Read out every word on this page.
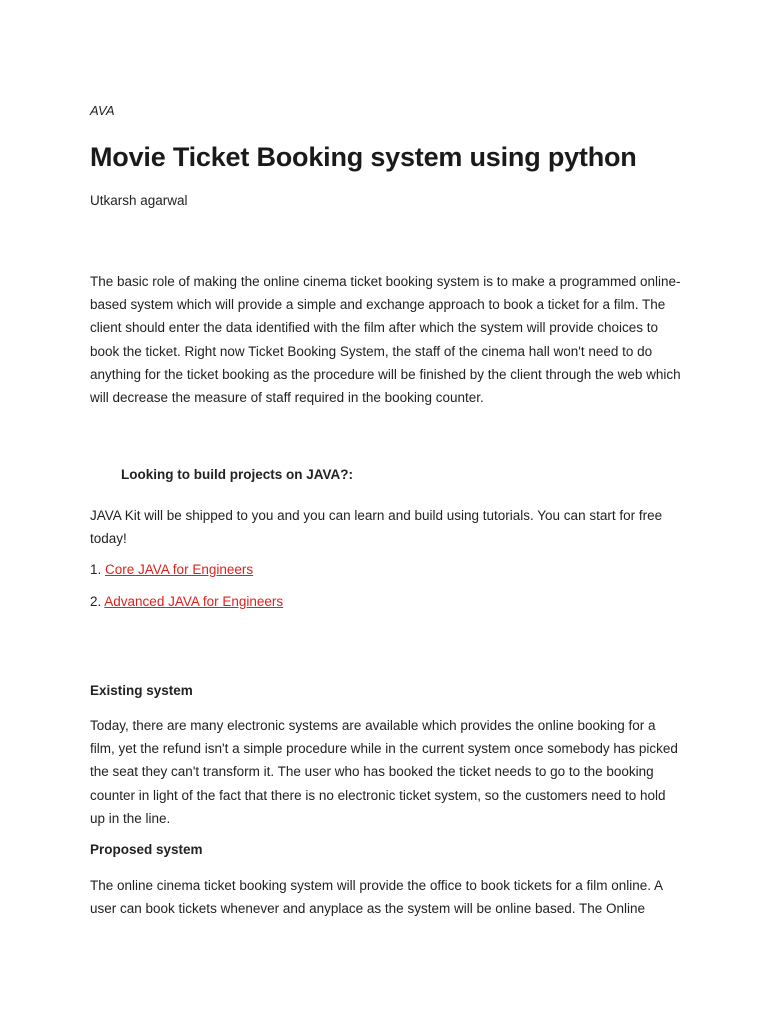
AVA
Movie Ticket Booking system using python
Utkarsh agarwal

The basic role of making the online cinema ticket booking system is to make a programmed online-based system which will provide a simple and exchange approach to book a ticket for a film. The client should enter the data identified with the film after which the system will provide choices to book the ticket. Right now Ticket Booking System, the staff of the cinema hall won't need to do anything for the ticket booking as the procedure will be finished by the client through the web which will decrease the measure of staff required in the booking counter.

Looking to build projects on JAVA?:

JAVA Kit will be shipped to you and you can learn and build using tutorials. You can start for free today!

1. Core JAVA for Engineers
2. Advanced JAVA for Engineers
Existing system

Today, there are many electronic systems are available which provides the online booking for a film, yet the refund isn't a simple procedure while in the current system once somebody has picked the seat they can't transform it. The user who has booked the ticket needs to go to the booking counter in light of the fact that there is no electronic ticket system, so the customers need to hold up in the line.

Proposed system

The online cinema ticket booking system will provide the office to book tickets for a film online. A user can book tickets whenever and anyplace as the system will be online based. The Online
